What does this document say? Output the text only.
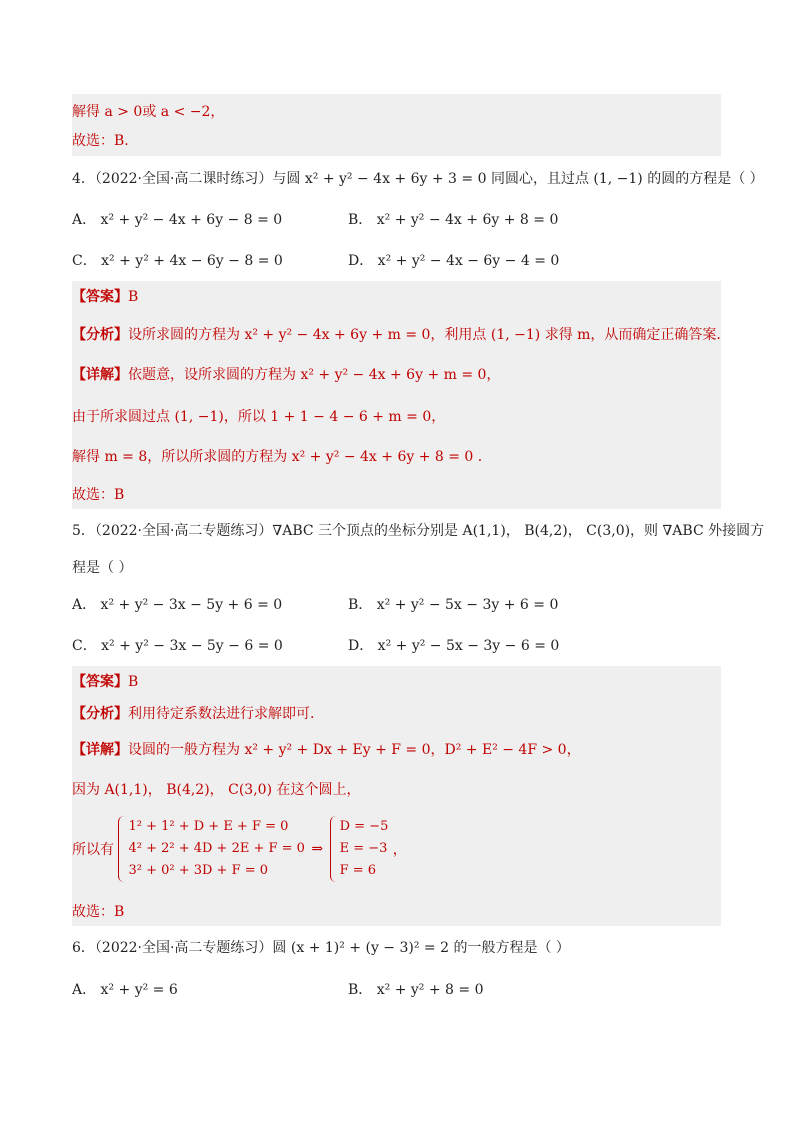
解得 a > 0或 a < −2，
故选：B.
4．（2022·全国·高二课时练习）与圆 x² + y² − 4x + 6y + 3 = 0 同圆心，且过点 (1, −1) 的圆的方程是（ ）
A． x² + y² − 4x + 6y − 8 = 0	B． x² + y² − 4x + 6y + 8 = 0
C． x² + y² + 4x − 6y − 8 = 0	D． x² + y² − 4x − 6y − 4 = 0
【答案】B
【分析】设所求圆的方程为 x² + y² − 4x + 6y + m = 0，利用点 (1, −1) 求得 m，从而确定正确答案.
【详解】依题意，设所求圆的方程为 x² + y² − 4x + 6y + m = 0，
由于所求圆过点 (1, −1)，所以 1 + 1 − 4 − 6 + m = 0，
解得 m = 8，所以所求圆的方程为 x² + y² − 4x + 6y + 8 = 0 .
故选：B
5．（2022·全国·高二专题练习）∇ABC 三个顶点的坐标分别是 A(1,1)， B(4,2)， C(3,0)，则 ∇ABC 外接圆方
程是（ ）
A． x² + y² − 3x − 5y + 6 = 0	B． x² + y² − 5x − 3y + 6 = 0
C． x² + y² − 3x − 5y − 6 = 0	D． x² + y² − 5x − 3y − 6 = 0
【答案】B
【分析】利用待定系数法进行求解即可.
【详解】设圆的一般方程为 x² + y² + Dx + Ey + F = 0，D² + E² − 4F > 0，
因为 A(1,1)， B(4,2)， C(3,0) 在这个圆上，
所以有
1² + 1² + D + E + F = 0
4² + 2² + 4D + 2E + F = 0
3² + 0² + 3D + F = 0
⇒
D = −5
E = −3
F = 6
，
故选：B
6．（2022·全国·高二专题练习）圆 (x + 1)² + (y − 3)² = 2 的一般方程是（ ）
A． x² + y² = 6	B． x² + y² + 8 = 0
